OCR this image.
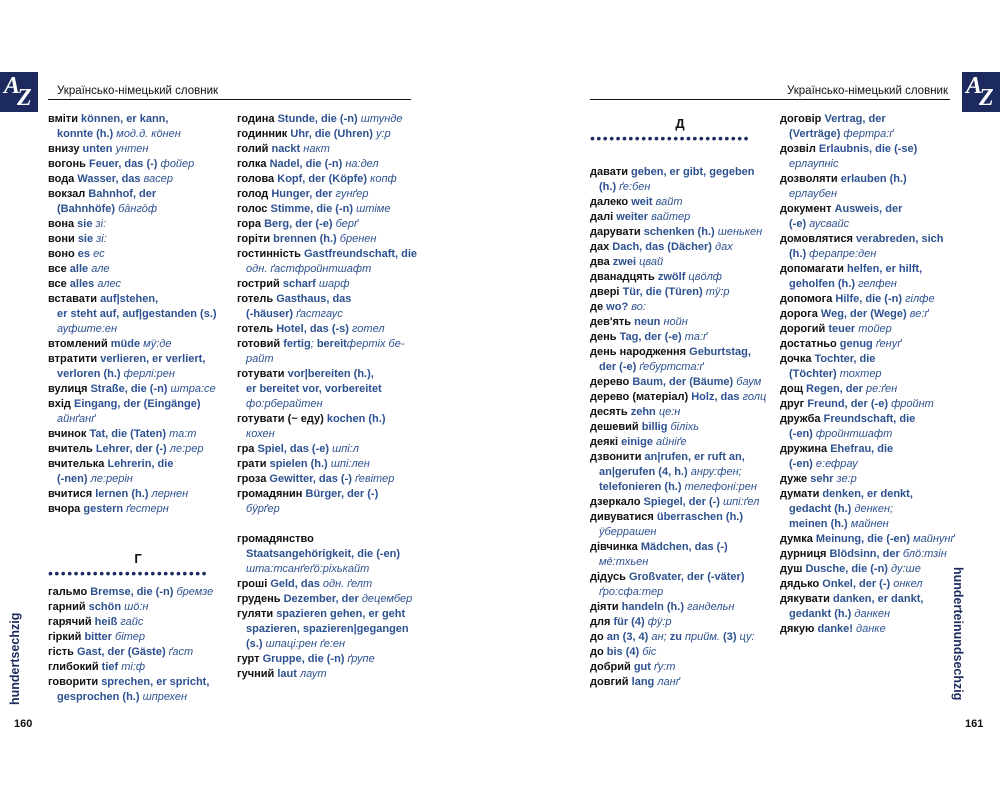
A
Z Українсько-німецький словник	A
Z
Українсько-німецький словник
вміти können, er kann,
konnte (h.) мод.д. кӧнен
внизу unten унтен
вогонь Feuer, das (-) фойер
вода Wasser, das васер
вокзал Bahnhof, der
(Bahnhöfe) ба̄нго̄ф
вона sie зі:
вони sie зі:
воно es ес
все alle але
все alles алес
вставати auf|stehen,
er steht auf, auf|gestanden (s.)
ауфште:ен
втомлений müde мӱ:де
втратити verlieren, er verliert,
verloren (h.) ферлі:рен
вулиця Straße, die (-n) штра:се
вхід Eingang, der (Eingänge)
айнґанґ
вчинок Tat, die (Taten) та:т
вчитель Lehrer, der (-) ле:рер
вчителька Lehrerin, die
(-nen) ле:рерін
вчитися lernen (h.) лернен
вчора gestern ґестерн
Г
•••••••••••••••••••••••••
гальмо Bremse, die (-n) бремзе
гарний schön шӧ:н
гарячий heiß гайс
гіркий bitter бітер
гість Gast, der (Gäste) ґаст
глибокий tief ті:ф
говорити sprechen, er spricht,
gesprochen (h.) шпрехен
година Stunde, die (-n) штунде
годинник Uhr, die (Uhren) у:р
голий nackt накт
голка Nadel, die (-n) на:дел
голова Kopf, der (Köpfe) копф
голод Hunger, der гунґер
голос Stimme, die (-n) штіме
гора Berg, der (-e) берґ
горіти brennen (h.) бренен
гостинність Gastfreundschaft, die
одн. ґастфройнтшафт
гострий scharf шарф
готель Gasthaus, das
(-häuser) ґастгаус
готель Hotel, das (-s) готел
готовий fertig; bereitфертіх бе-
райт
готувати vor|bereiten (h.),
er bereitet vor, vorbereitet
фо:рберайтен
готувати (~ еду) kochen (h.)
кохен
гра Spiel, das (-e) шпі:л
грати spielen (h.) шпі:лен
гроза Gewitter, das (-) ґевітер
громадянин Bürger, der (-)
бӱрґер
громадянство
Staatsangehörigkeit, die (-en)
шта:тсанґеґӧ:ріхькайт
гроші Geld, das одн. ґелт
грудень Dezember, der децембер
гуляти spazieren gehen, er geht
spazieren, spazieren|gegangen
(s.) шпаці:рен ґе:ен
гурт Gruppe, die (-n) ґрупе
гучний laut лаут
Д
•••••••••••••••••••••••••
давати geben, er gibt, gegeben
(h.) ґе:бен
далеко weit вайт
далі weiter вайтер
дарувати schenken (h.) шенькен
дах Dach, das (Dächer) дах
два zwei цвай
дванадцять zwölf цвӧлф
двері Tür, die (Türen) тӱ:р
де wo? во:
дев'ять neun нойн
день Tag, der (-e) та:ґ
день народження Geburtstag,
der (-e) ґебуртста:ґ
дерево Baum, der (Bäume) баум
дерево (матеріал) Holz, das голц
десять zehn це:н
дешевий billig біліхь
деякі einige айніґе
дзвонити an|rufen, er ruft an,
an|gerufen (4, h.) анру:фен;
telefonieren (h.) телефоні:рен
дзеркало Spiegel, der (-) шпі:ґел
дивуватися überraschen (h.)
ӱберрашен
дівчинка Mädchen, das (-)
ме̄:тхьен
дідусь Großvater, der (-väter)
ґро:сфа:тер
діяти handeln (h.) гандельн
для für (4) фӱ:р
до an (3, 4) ан; zu прийм. (3) цу:
до bis (4) біс
добрий gut ґу:т
довгий lang ланґ
договір Vertrag, der
(Verträge) фертра:ґ
дозвіл Erlaubnis, die (-se)
ерлаупніс
дозволяти erlauben (h.)
ерлаубен
документ Ausweis, der
(-e) аусвайс
домовлятися verabreden, sich
(h.) ферапре:ден
допомагати helfen, er hilft,
geholfen (h.) гелфен
допомога Hilfe, die (-n) гілфе
дорога Weg, der (Wege) ве:ґ
дорогий teuer тойер
достатньо genug ґенуґ
дочка Tochter, die
(Töchter) тохтер
дощ Regen, der ре:ґен
друг Freund, der (-e) фройнт
дружба Freundschaft, die
(-en) фройнтшафт
дружина Ehefrau, die
(-en) е:ефрау
дуже sehr зе:р
думати denken, er denkt,
gedacht (h.) денкен;
meinen (h.) майнен
думка Meinung, die (-en) майнунґ
дурниця Blödsinn, der блӧ:тзін
душ Dusche, die (-n) ду:ше
дядько Onkel, der (-) онкел
дякувати danken, er dankt,
gedankt (h.) данкен
дякую danke! данке
hundertsechzig	hunderteinundsechzig
160	161
